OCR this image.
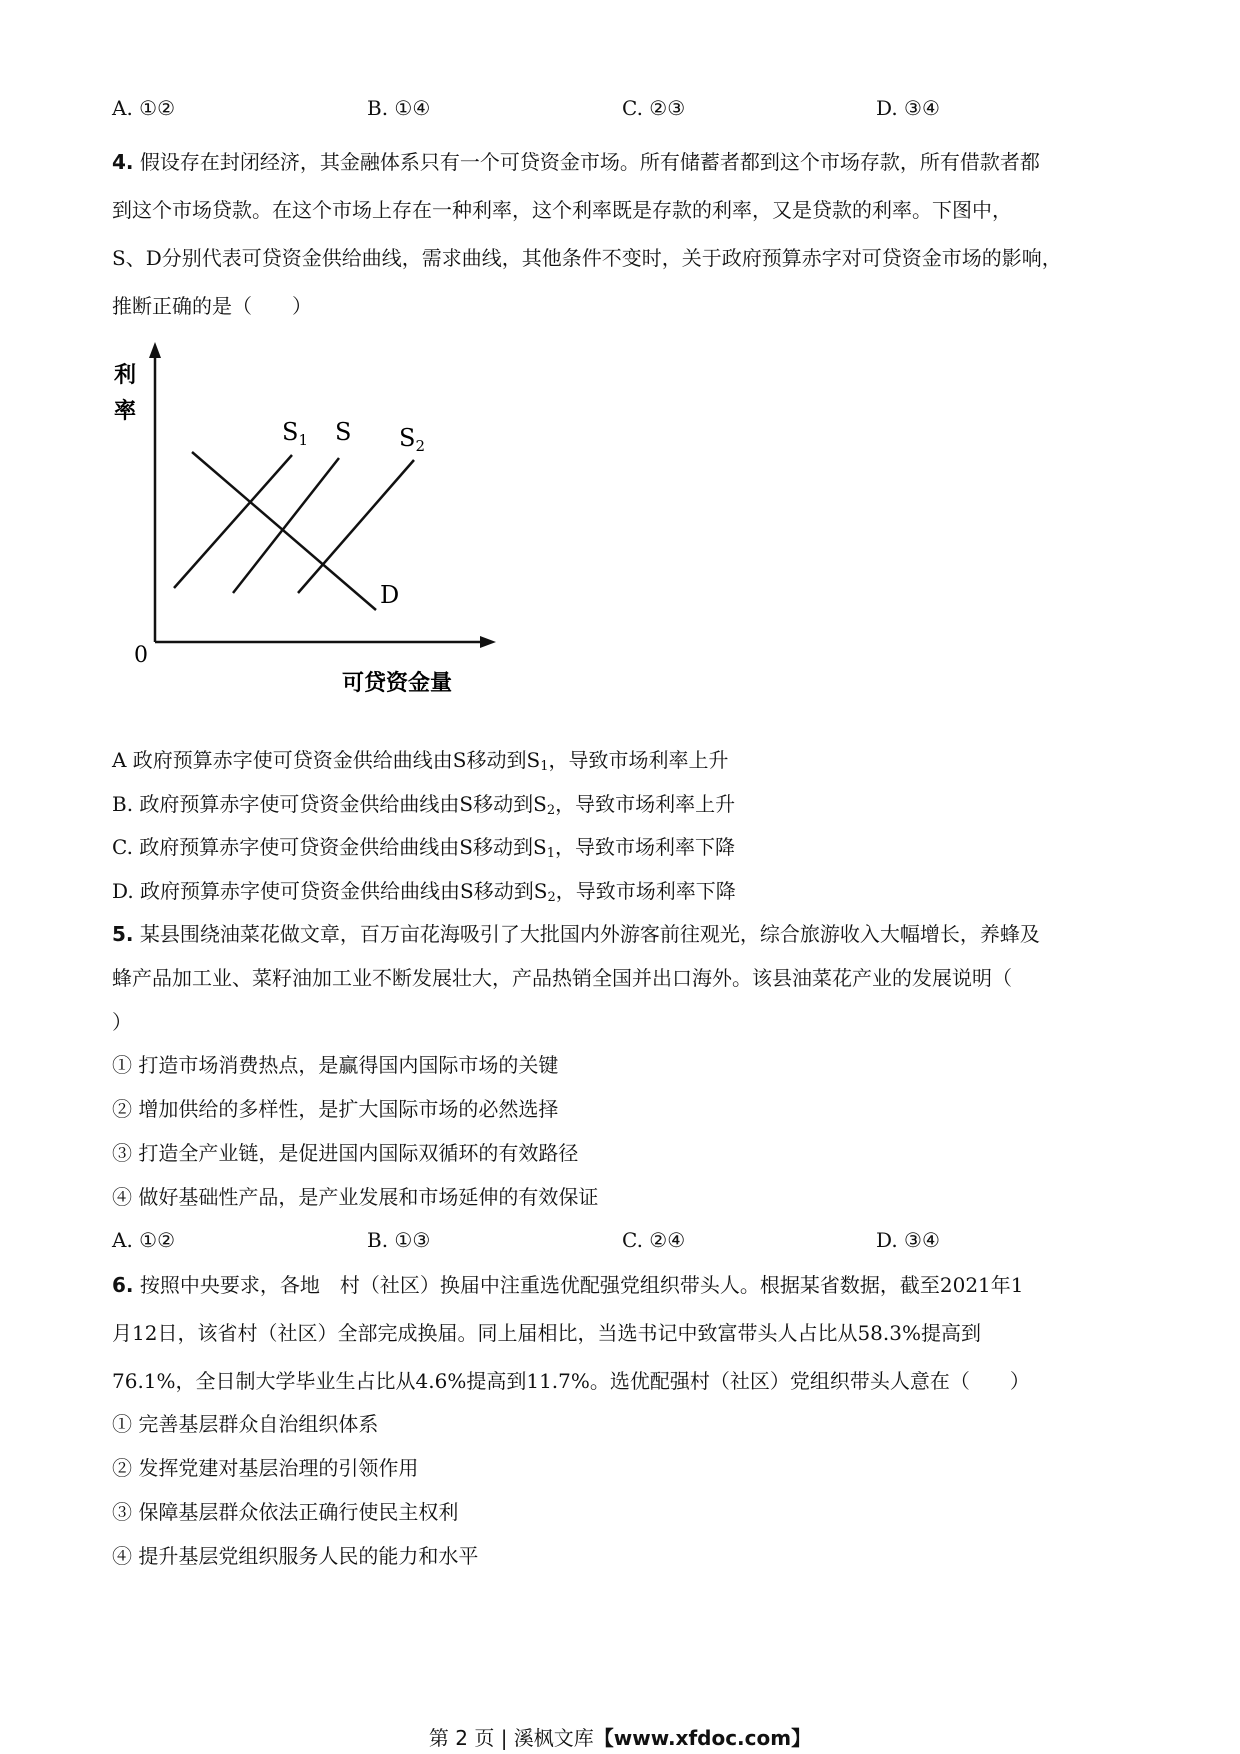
A. ①②	B. ①④	C. ②③	D. ③④
4. 假设存在封闭经济，其金融体系只有一个可贷资金市场。所有储蓄者都到这个市场存款，所有借款者都
到这个市场贷款。在这个市场上存在一种利率，这个利率既是存款的利率，又是贷款的利率。下图中，
S、D分别代表可贷资金供给曲线，需求曲线，其他条件不变时，关于政府预算赤字对可贷资金市场的影响，
推断正确的是（　　）
利
率
0
可贷资金量
$S_1$ S $S_2$
D
A 政府预算赤字使可贷资金供给曲线由S移动到$S_1$，导致市场利率上升
B. 政府预算赤字使可贷资金供给曲线由S移动到$S_2$，导致市场利率上升
C. 政府预算赤字使可贷资金供给曲线由S移动到$S_1$，导致市场利率下降
D. 政府预算赤字使可贷资金供给曲线由S移动到$S_2$，导致市场利率下降
5. 某县围绕油菜花做文章，百万亩花海吸引了大批国内外游客前往观光，综合旅游收入大幅增长，养蜂及
蜂产品加工业、菜籽油加工业不断发展壮大，产品热销全国并出口海外。该县油菜花产业的发展说明（
）
① 打造市场消费热点，是赢得国内国际市场的关键
② 增加供给的多样性，是扩大国际市场的必然选择
③ 打造全产业链，是促进国内国际双循环的有效路径
④ 做好基础性产品，是产业发展和市场延伸的有效保证
A. ①②	B. ①③	C. ②④	D. ③④
6. 按照中央要求，各地　村（社区）换届中注重选优配强党组织带头人。根据某省数据，截至2021年1
月12日，该省村（社区）全部完成换届。同上届相比，当选书记中致富带头人占比从58.3%提高到
76.1%，全日制大学毕业生占比从4.6%提高到11.7%。选优配强村（社区）党组织带头人意在（　　）
① 完善基层群众自治组织体系
② 发挥党建对基层治理的引领作用
③ 保障基层群众依法正确行使民主权利
④ 提升基层党组织服务人民的能力和水平
第 2 页 | 溪枫文库【www.xfdoc.com】
